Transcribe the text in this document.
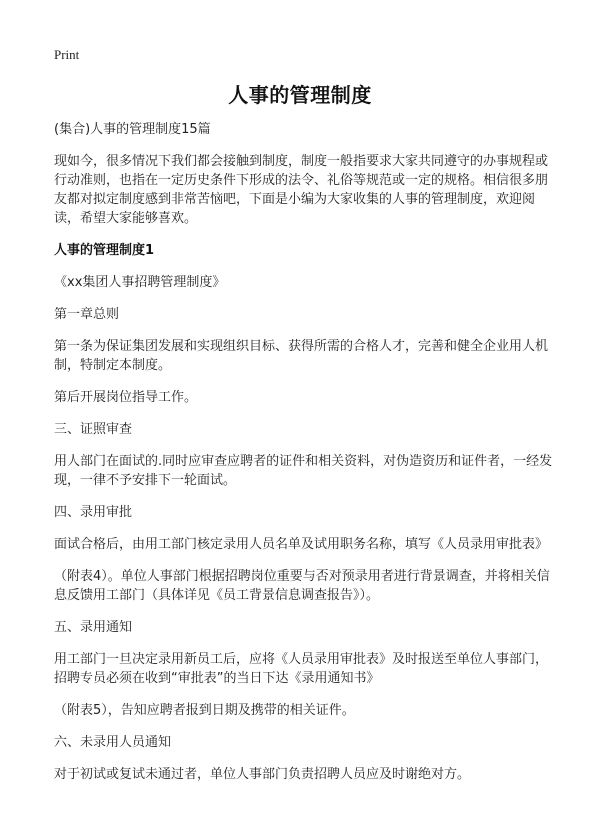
Print
人事的管理制度

(集合)人事的管理制度15篇

现如今，很多情况下我们都会接触到制度，制度一般指要求大家共同遵守的办事规程或行动准则，也指在一定历史条件下形成的法令、礼俗等规范或一定的规格。相信很多朋友都对拟定制度感到非常苦恼吧，下面是小编为大家收集的人事的管理制度，欢迎阅读，希望大家能够喜欢。

人事的管理制度1

《xx集团人事招聘管理制度》

第一章总则

第一条为保证集团发展和实现组织目标、获得所需的合格人才，完善和健全企业用人机制，特制定本制度。

第后开展岗位指导工作。

三、证照审查

用人部门在面试的.同时应审查应聘者的证件和相关资料，对伪造资历和证件者，一经发现，一律不予安排下一轮面试。

四、录用审批

面试合格后，由用工部门核定录用人员名单及试用职务名称，填写《人员录用审批表》

（附表4）。单位人事部门根据招聘岗位重要与否对预录用者进行背景调查，并将相关信息反馈用工部门（具体详见《员工背景信息调查报告》）。

五、录用通知

用工部门一旦决定录用新员工后，应将《人员录用审批表》及时报送至单位人事部门，招聘专员必须在收到“审批表”的当日下达《录用通知书》

（附表5），告知应聘者报到日期及携带的相关证件。

六、未录用人员通知

对于初试或复试未通过者，单位人事部门负责招聘人员应及时谢绝对方。
